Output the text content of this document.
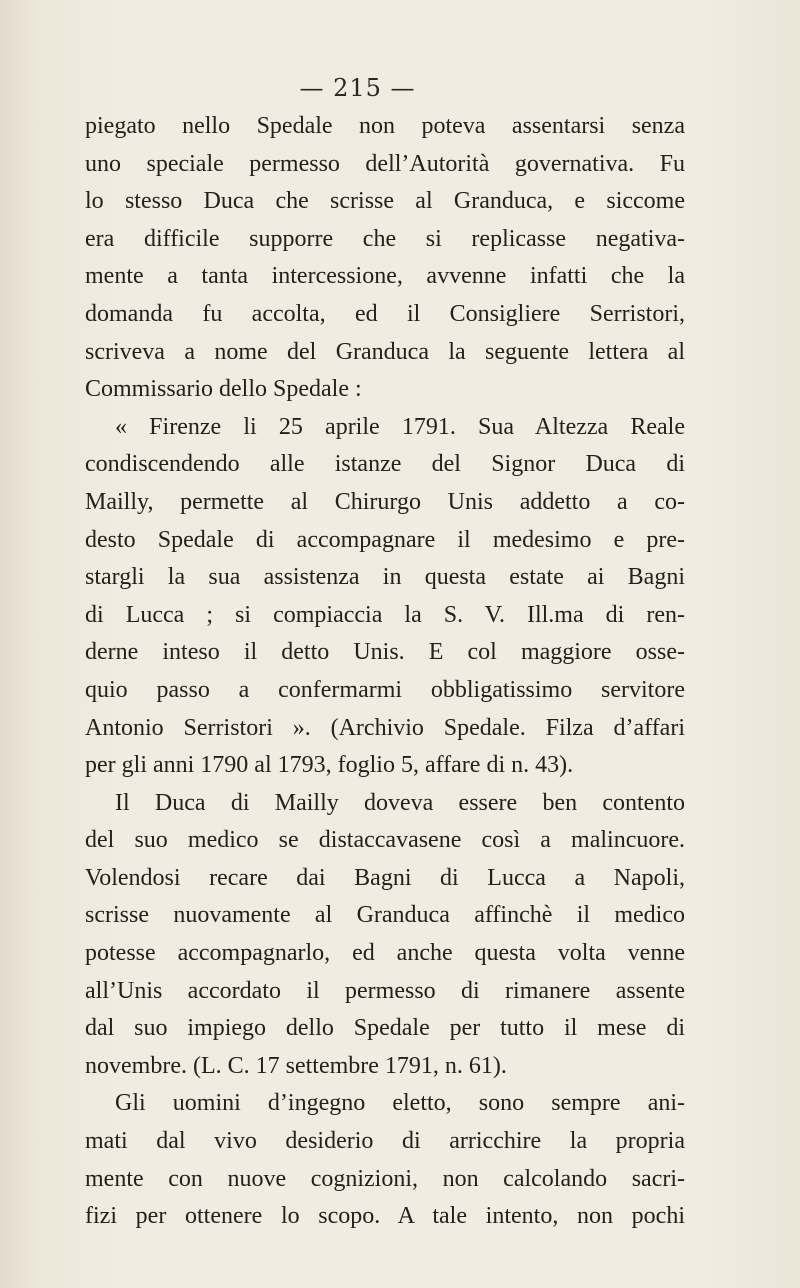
— 215 —
piegato nello Spedale non poteva assentarsi senza
uno speciale permesso dell’Autorità governativa. Fu
lo stesso Duca che scrisse al Granduca, e siccome
era difficile supporre che si replicasse negativa-
mente a tanta intercessione, avvenne infatti che la
domanda fu accolta, ed il Consigliere Serristori,
scriveva a nome del Granduca la seguente lettera al
Commissario dello Spedale :
« Firenze li 25 aprile 1791. Sua Altezza Reale
condiscendendo alle istanze del Signor Duca di
Mailly, permette al Chirurgo Unis addetto a co-
desto Spedale di accompagnare il medesimo e pre-
stargli la sua assistenza in questa estate ai Bagni
di Lucca ; si compiaccia la S. V. Ill.ma di ren-
derne inteso il detto Unis. E col maggiore osse-
quio passo a confermarmi obbligatissimo servitore
Antonio Serristori ». (Archivio Spedale. Filza d’affari
per gli anni 1790 al 1793, foglio 5, affare di n. 43).
Il Duca di Mailly doveva essere ben contento
del suo medico se distaccavasene così a malincuore.
Volendosi recare dai Bagni di Lucca a Napoli,
scrisse nuovamente al Granduca affinchè il medico
potesse accompagnarlo, ed anche questa volta venne
all’Unis accordato il permesso di rimanere assente
dal suo impiego dello Spedale per tutto il mese di
novembre. (L. C. 17 settembre 1791, n. 61).
Gli uomini d’ingegno eletto, sono sempre ani-
mati dal vivo desiderio di arricchire la propria
mente con nuove cognizioni, non calcolando sacri-
fizi per ottenere lo scopo. A tale intento, non pochi
